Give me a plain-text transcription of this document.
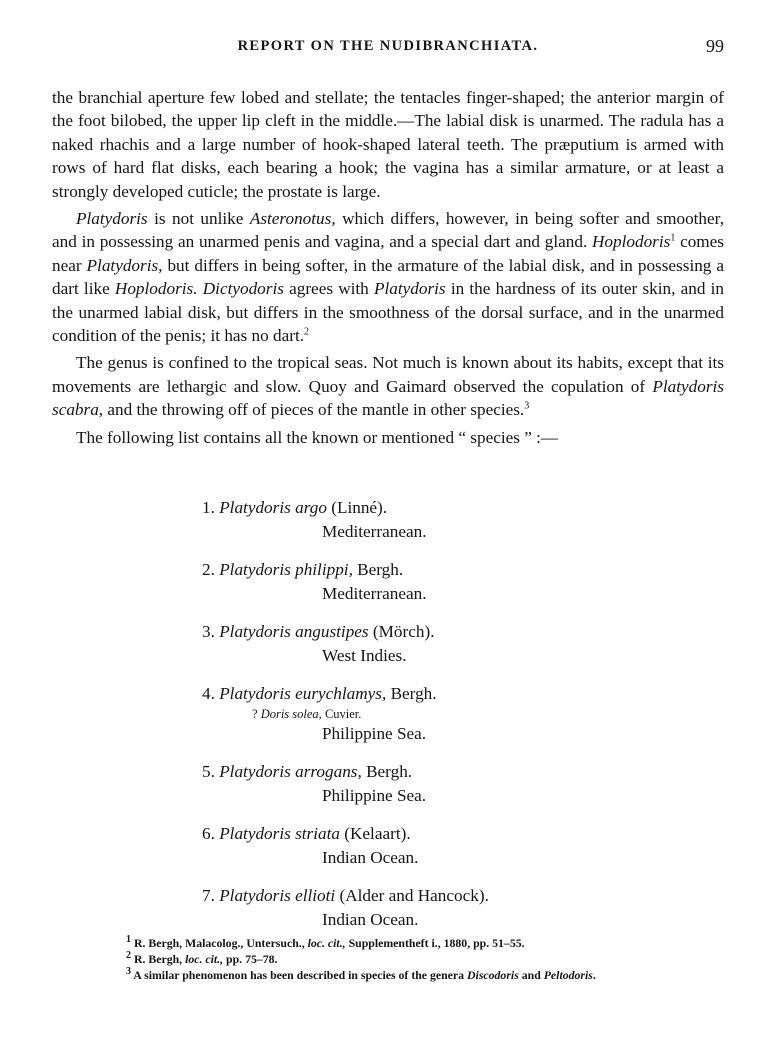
REPORT ON THE NUDIBRANCHIATA.	99

the branchial aperture few lobed and stellate; the tentacles finger-shaped; the anterior margin of the foot bilobed, the upper lip cleft in the middle.—The labial disk is unarmed. The radula has a naked rhachis and a large number of hook-shaped lateral teeth. The præputium is armed with rows of hard flat disks, each bearing a hook; the vagina has a similar armature, or at least a strongly developed cuticle; the prostate is large.

Platydoris is not unlike Asteronotus, which differs, however, in being softer and smoother, and in possessing an unarmed penis and vagina, and a special dart and gland. Hoplodoris$^1$ comes near Platydoris, but differs in being softer, in the armature of the labial disk, and in possessing a dart like Hoplodoris. Dictyodoris agrees with Platydoris in the hardness of its outer skin, and in the unarmed labial disk, but differs in the smoothness of the dorsal surface, and in the unarmed condition of the penis; it has no dart.$^2$

The genus is confined to the tropical seas. Not much is known about its habits, except that its movements are lethargic and slow. Quoy and Gaimard observed the copulation of Platydoris scabra, and the throwing off of pieces of the mantle in other species.$^3$

The following list contains all the known or mentioned “ species ” :—

1. Platydoris argo (Linné).
Mediterranean.
2. Platydoris philippi, Bergh.
Mediterranean.
3. Platydoris angustipes (Mörch).
West Indies.
4. Platydoris eurychlamys, Bergh.
? Doris solea, Cuvier.
Philippine Sea.
5. Platydoris arrogans, Bergh.
Philippine Sea.
6. Platydoris striata (Kelaart).
Indian Ocean.
7. Platydoris ellioti (Alder and Hancock).
Indian Ocean.
$^1$ R. Bergh, Malacolog., Untersuch., loc. cit., Supplementheft i., 1880, pp. 51–55.
$^2$ R. Bergh, loc. cit., pp. 75–78.
$^3$ A similar phenomenon has been described in species of the genera Discodoris and Peltodoris.
